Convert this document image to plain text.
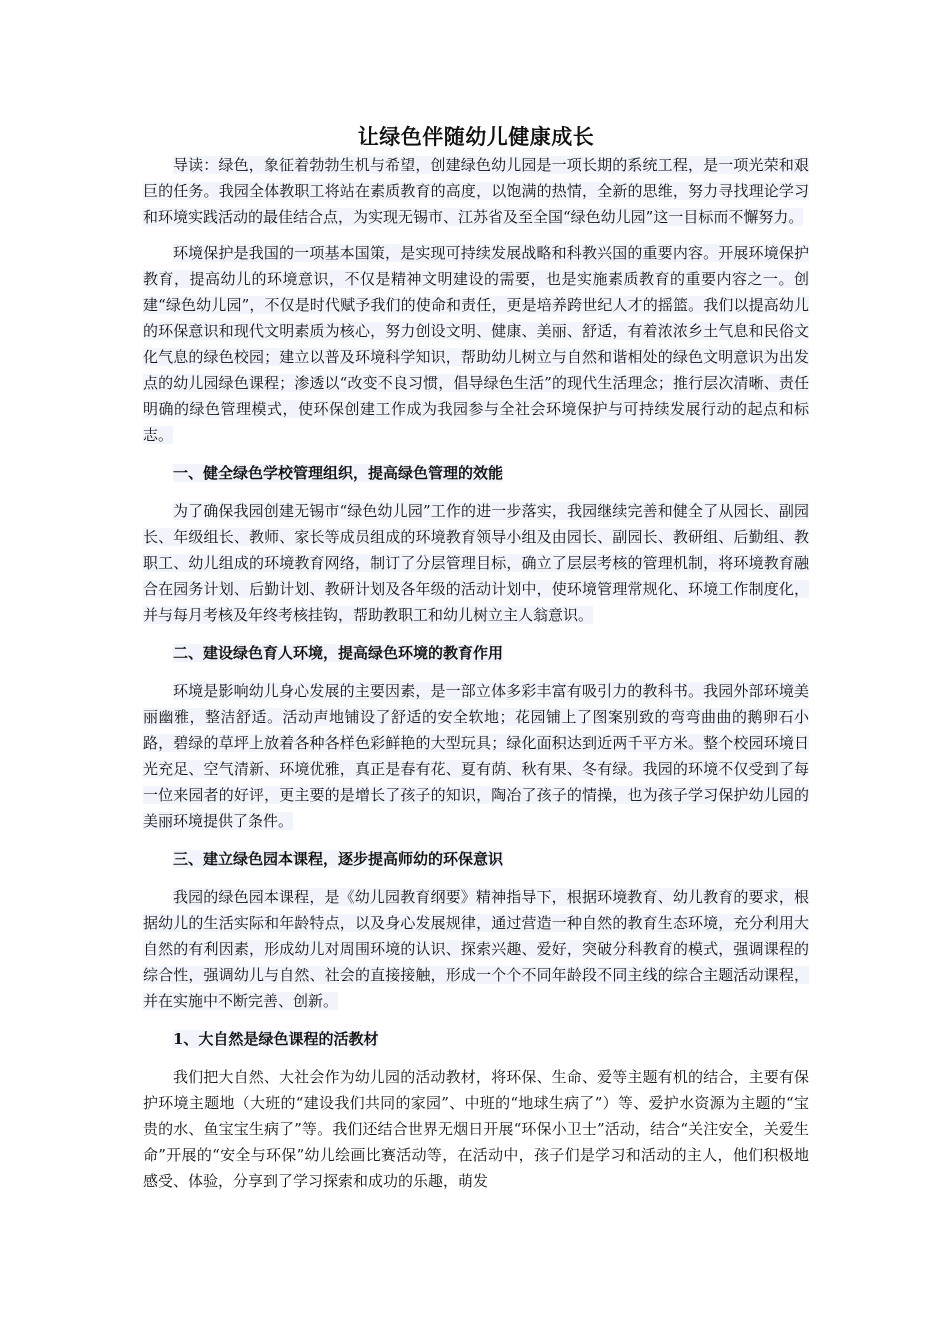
让绿色伴随幼儿健康成长

导读：绿色，象征着勃勃生机与希望，创建绿色幼儿园是一项长期的系统工程，是一项光荣和艰巨的任务。我园全体教职工将站在素质教育的高度，以饱满的热情，全新的思维，努力寻找理论学习和环境实践活动的最佳结合点，为实现无锡市、江苏省及至全国“绿色幼儿园”这一目标而不懈努力。

环境保护是我国的一项基本国策，是实现可持续发展战略和科教兴国的重要内容。开展环境保护教育，提高幼儿的环境意识，不仅是精神文明建设的需要，也是实施素质教育的重要内容之一。创建“绿色幼儿园”，不仅是时代赋予我们的使命和责任，更是培养跨世纪人才的摇篮。我们以提高幼儿的环保意识和现代文明素质为核心，努力创设文明、健康、美丽、舒适，有着浓浓乡土气息和民俗文化气息的绿色校园；建立以普及环境科学知识，帮助幼儿树立与自然和谐相处的绿色文明意识为出发点的幼儿园绿色课程；渗透以“改变不良习惯，倡导绿色生活”的现代生活理念；推行层次清晰、责任明确的绿色管理模式，使环保创建工作成为我园参与全社会环境保护与可持续发展行动的起点和标志。

一、健全绿色学校管理组织，提高绿色管理的效能

为了确保我园创建无锡市“绿色幼儿园”工作的进一步落实，我园继续完善和健全了从园长、副园长、年级组长、教师、家长等成员组成的环境教育领导小组及由园长、副园长、教研组、后勤组、教职工、幼儿组成的环境教育网络，制订了分层管理目标，确立了层层考核的管理机制，将环境教育融合在园务计划、后勤计划、教研计划及各年级的活动计划中，使环境管理常规化、环境工作制度化，并与每月考核及年终考核挂钩，帮助教职工和幼儿树立主人翁意识。

二、建设绿色育人环境，提高绿色环境的教育作用

环境是影响幼儿身心发展的主要因素，是一部立体多彩丰富有吸引力的教科书。我园外部环境美丽幽雅，整洁舒适。活动声地铺设了舒适的安全软地；花园铺上了图案别致的弯弯曲曲的鹅卵石小路，碧绿的草坪上放着各种各样色彩鲜艳的大型玩具；绿化面积达到近两千平方米。整个校园环境日光充足、空气清新、环境优雅，真正是春有花、夏有荫、秋有果、冬有绿。我园的环境不仅受到了每一位来园者的好评，更主要的是增长了孩子的知识，陶冶了孩子的情操，也为孩子学习保护幼儿园的美丽环境提供了条件。

三、建立绿色园本课程，逐步提高师幼的环保意识

我园的绿色园本课程，是《幼儿园教育纲要》精神指导下，根据环境教育、幼儿教育的要求，根据幼儿的生活实际和年龄特点，以及身心发展规律，通过营造一种自然的教育生态环境，充分利用大自然的有利因素，形成幼儿对周围环境的认识、探索兴趣、爱好，突破分科教育的模式，强调课程的综合性，强调幼儿与自然、社会的直接接触，形成一个个不同年龄段不同主线的综合主题活动课程，并在实施中不断完善、创新。

1、大自然是绿色课程的活教材

我们把大自然、大社会作为幼儿园的活动教材，将环保、生命、爱等主题有机的结合，主要有保护环境主题地（大班的“建设我们共同的家园”、中班的“地球生病了”）等、爱护水资源为主题的“宝贵的水、鱼宝宝生病了”等。我们还结合世界无烟日开展“环保小卫士”活动，结合“关注安全，关爱生命”开展的“安全与环保”幼儿绘画比赛活动等，在活动中，孩子们是学习和活动的主人，他们积极地感受、体验，分享到了学习探索和成功的乐趣，萌发
